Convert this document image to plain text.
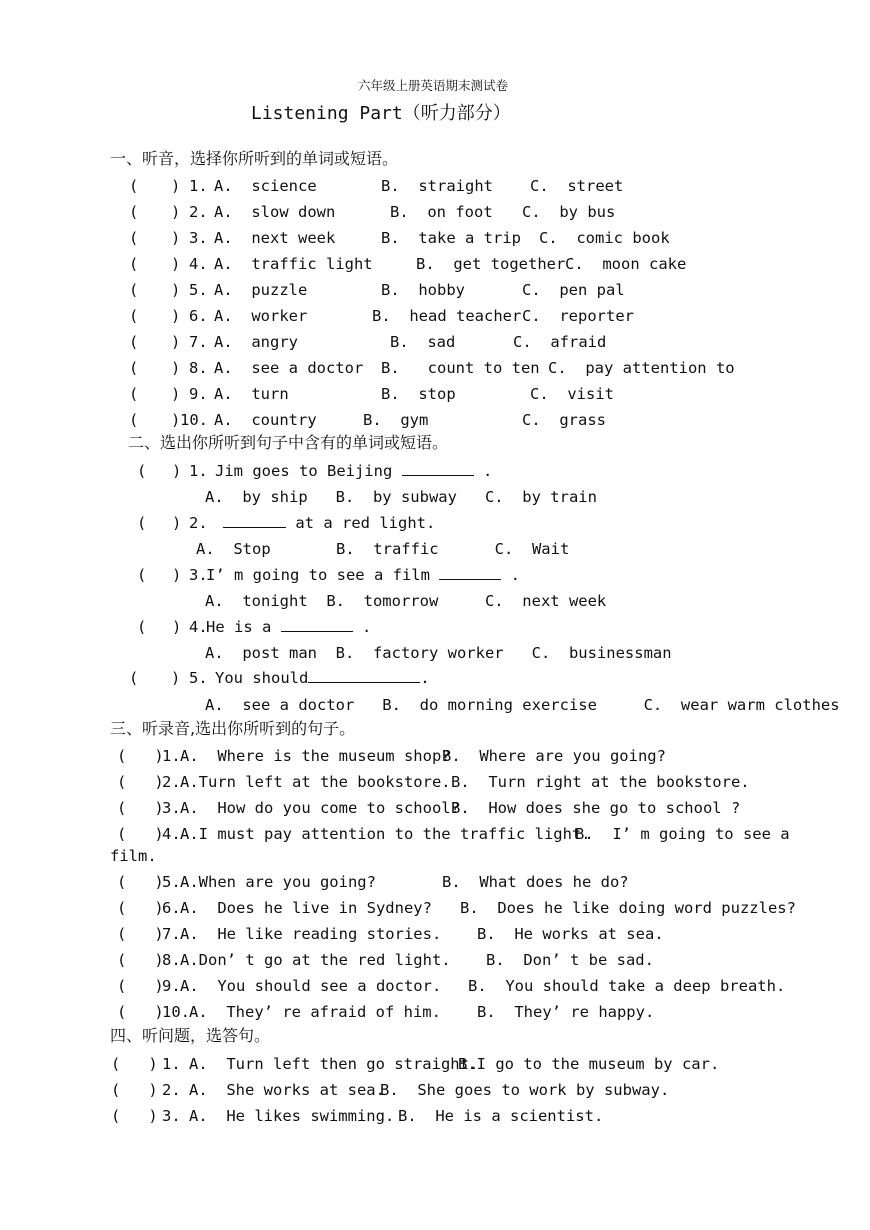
六年级上册英语期末测试卷
Listening Part（听力部分）
一、听音，选择你所听到的单词或短语。
( ) 1. A.  science	B.  straight C.  street
( ) 2. A.  slow down	B.  on foot C.  by bus
( ) 3. A.  next week	B.  take a trip C.  comic book
( ) 4. A.  traffic light	B.  get together C.  moon cake
( ) 5. A.  puzzle	B.  hobby	C.  pen pal
( ) 6. A.  worker	B.  head teacher C.  reporter
( ) 7. A.  angry	B.  sad	C.  afraid
( ) 8. A.  see a doctor B.   count to ten C.  pay attention to
( ) 9. A.  turn	B.  stop	C.  visit
( ) 10. A.  country	B.  gym	C.  grass
二、选出你所听到句子中含有的单词或短语。
( ) 1. Jim goes to Beijing	.
A.  by ship   B.  by subway   C.  by train
( ) 2.	at a red light.
A.  Stop       B.  traffic      C.  Wait
( ) 3.
I’ m going to see a film	.
A.  tonight  B.  tomorrow     C.  next week
( ) 4.
He is a	.
A.  post man  B.  factory worker   C.  businessman
( ) 5. You should	.
A.  see a doctor   B.  do morning exercise     C.  wear warm clothes
三、听录音,选出你所听到的句子。
(   )
1. A.  Where is the museum shop?
B.  Where are you going?
(   )
2. A.Turn left at the bookstore. B.  Turn right at the bookstore.
(   )
3. A.  How do you come to school?
B.  How does she go to school ?
(   )
4. A.I must pay attention to the traffic light.
B.  I’ m going to see a
film.
(   )
5. A.When are you going?	B.  What does he do?
(   )
6. A.  Does he live in Sydney? B.  Does he like doing word puzzles?
(   )
7. A.  He like reading stories. B.  He works at sea.
(   )
8. A.Don’ t go at the red light. B.  Don’ t be sad.
(   )
9. A.  You should see a doctor. B.  You should take a deep breath.
(   )
10. A.  They’ re afraid of him. B.  They’ re happy.
四、听问题，选答句。
(   ) 1. A.  Turn left then go straight.
B.I go to the museum by car.
(   ) 2. A.  She works at sea.
B.  She goes to work by subway.
(   ) 3. A.  He likes swimming. B.  He is a scientist.
